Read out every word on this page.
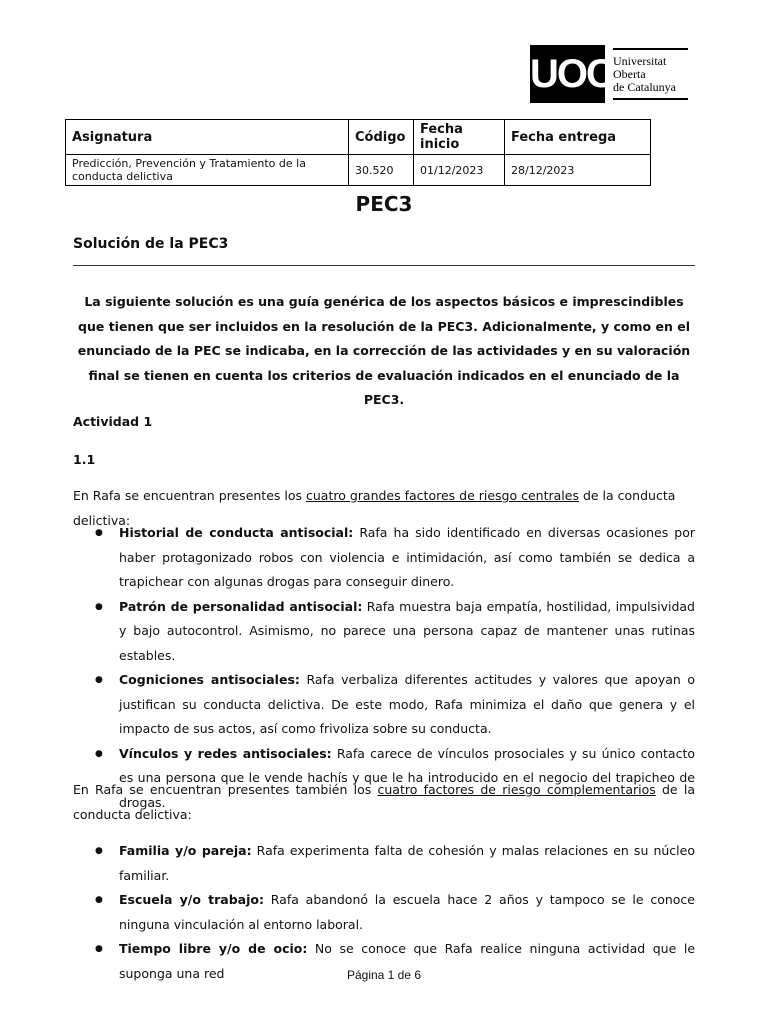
UOC Universitat
Oberta
de Catalunya
Asignatura	Código	Fecha inicio	Fecha entrega
Predicción, Prevención y Tratamiento de la conducta delictiva	30.520	01/12/2023	28/12/2023
PEC3
Solución de la PEC3
La siguiente solución es una guía genérica de los aspectos básicos e imprescindibles que tienen que ser incluidos en la resolución de la PEC3. Adicionalmente, y como en el enunciado de la PEC se indicaba, en la corrección de las actividades y en su valoración final se tienen en cuenta los criterios de evaluación indicados en el enunciado de la PEC3.
Actividad 1
1.1
En Rafa se encuentran presentes los cuatro grandes factores de riesgo centrales de la conducta delictiva:
● Historial de conducta antisocial: Rafa ha sido identificado en diversas ocasiones por haber protagonizado robos con violencia e intimidación, así como también se dedica a trapichear con algunas drogas para conseguir dinero.
● Patrón de personalidad antisocial: Rafa muestra baja empatía, hostilidad, impulsividad y bajo autocontrol. Asimismo, no parece una persona capaz de mantener unas rutinas estables.
● Cogniciones antisociales: Rafa verbaliza diferentes actitudes y valores que apoyan o justifican su conducta delictiva. De este modo, Rafa minimiza el daño que genera y el impacto de sus actos, así como frivoliza sobre su conducta.
● Vínculos y redes antisociales: Rafa carece de vínculos prosociales y su único contacto es una persona que le vende hachís y que le ha introducido en el negocio del trapicheo de drogas.
En Rafa se encuentran presentes también los cuatro factores de riesgo complementarios de la conducta delictiva:
● Familia y/o pareja: Rafa experimenta falta de cohesión y malas relaciones en su núcleo familiar.
● Escuela y/o trabajo: Rafa abandonó la escuela hace 2 años y tampoco se le conoce ninguna vinculación al entorno laboral.
● Tiempo libre y/o de ocio: No se conoce que Rafa realice ninguna actividad que le suponga una red	Página 1 de 6
